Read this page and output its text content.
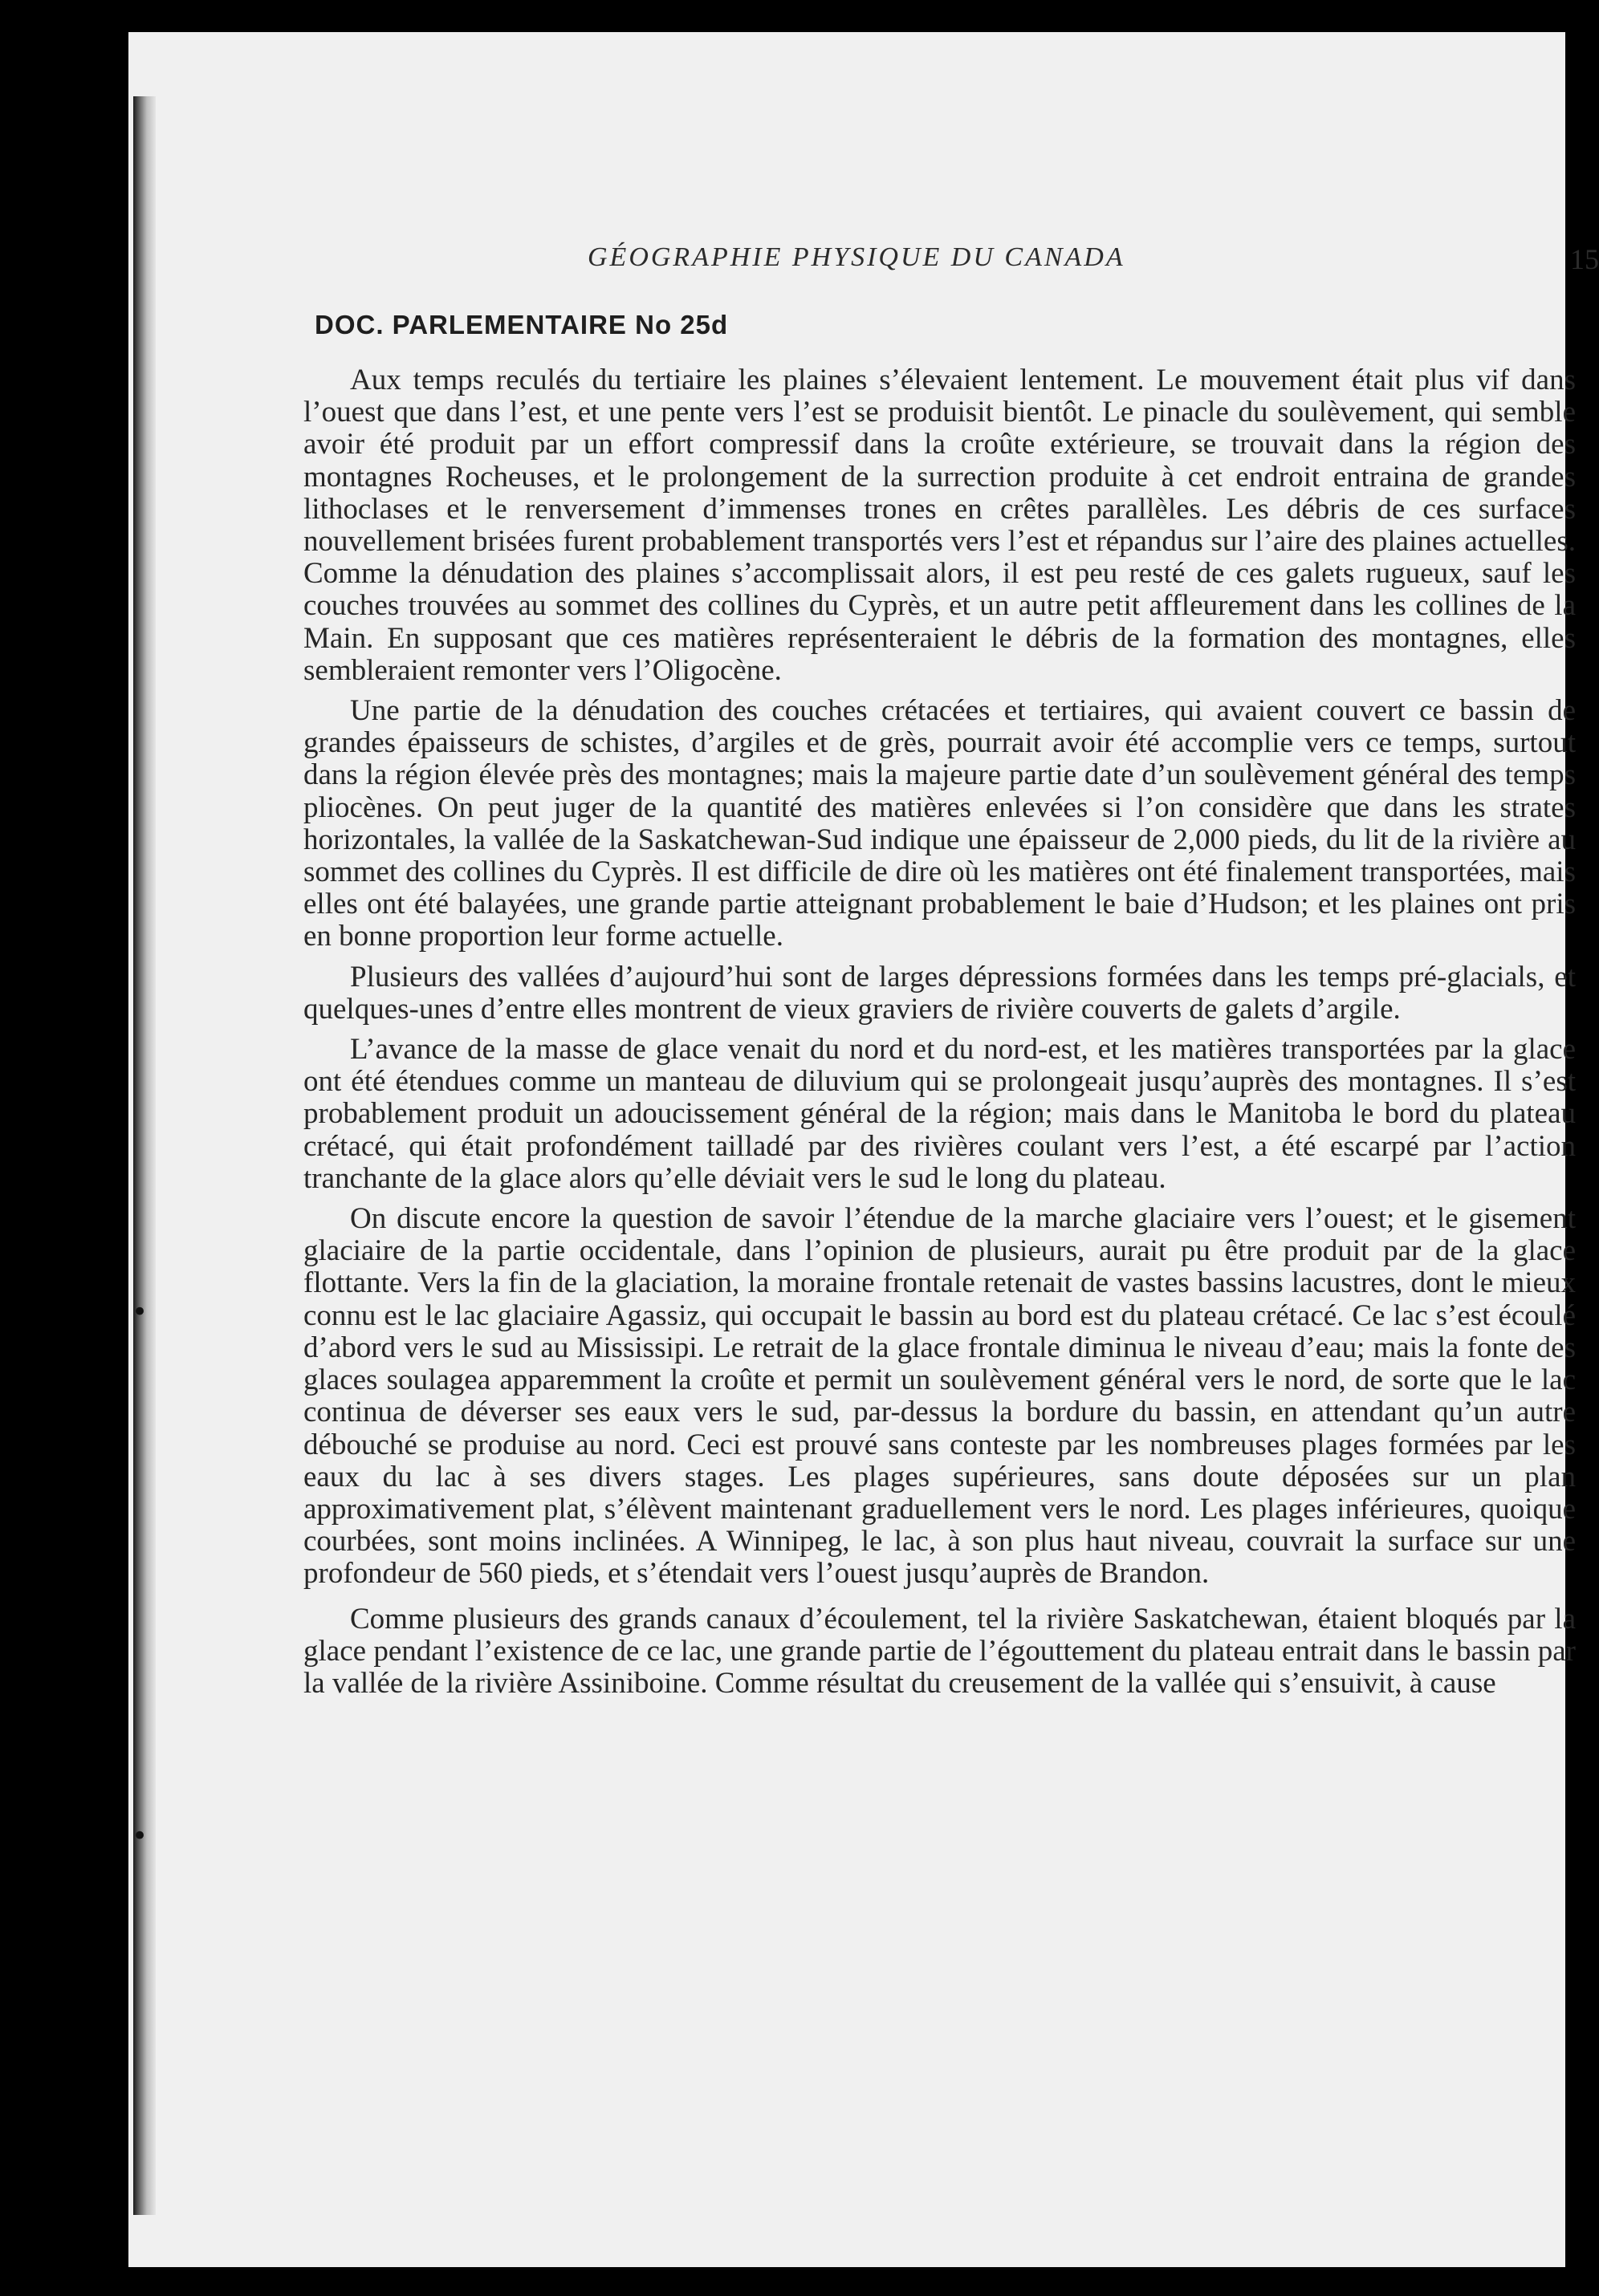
•
•
GÉOGRAPHIE PHYSIQUE DU CANADA	15
DOC. PARLEMENTAIRE No 25d

Aux temps reculés du tertiaire les plaines s’élevaient lentement. Le mouvement était plus vif dans l’ouest que dans l’est, et une pente vers l’est se produisit bientôt. Le pinacle du soulèvement, qui semble avoir été produit par un effort compressif dans la croûte extérieure, se trouvait dans la région des montagnes Rocheuses, et le prolongement de la surrection produite à cet endroit entraina de grandes lithoclases et le renversement d’immenses trones en crêtes parallèles. Les débris de ces surfaces nouvellement brisées furent probablement transportés vers l’est et répandus sur l’aire des plaines actuelles. Comme la dénudation des plaines s’accomplissait alors, il est peu resté de ces galets rugueux, sauf les couches trouvées au sommet des collines du Cyprès, et un autre petit affleurement dans les collines de la Main. En supposant que ces matières représenteraient le débris de la formation des montagnes, elles sembleraient remonter vers l’Oligocène.

Une partie de la dénudation des couches crétacées et tertiaires, qui avaient couvert ce bassin de grandes épaisseurs de schistes, d’argiles et de grès, pourrait avoir été accomplie vers ce temps, surtout dans la région élevée près des montagnes; mais la majeure partie date d’un soulèvement général des temps pliocènes. On peut juger de la quantité des matières enlevées si l’on considère que dans les strates horizontales, la vallée de la Saskatchewan-Sud indique une épaisseur de 2,000 pieds, du lit de la rivière au sommet des collines du Cyprès. Il est difficile de dire où les matières ont été finalement transportées, mais elles ont été balayées, une grande partie atteignant probablement le baie d’Hudson; et les plaines ont pris en bonne proportion leur forme actuelle.

Plusieurs des vallées d’aujourd’hui sont de larges dépressions formées dans les temps pré-glacials, et quelques-unes d’entre elles montrent de vieux graviers de rivière couverts de galets d’argile.

L’avance de la masse de glace venait du nord et du nord-est, et les matières transportées par la glace ont été étendues comme un manteau de diluvium qui se prolongeait jusqu’auprès des montagnes. Il s’est probablement produit un adoucissement général de la région; mais dans le Manitoba le bord du plateau crétacé, qui était profondément tailladé par des rivières coulant vers l’est, a été escarpé par l’action tranchante de la glace alors qu’elle déviait vers le sud le long du plateau.

On discute encore la question de savoir l’étendue de la marche glaciaire vers l’ouest; et le gisement glaciaire de la partie occidentale, dans l’opinion de plusieurs, aurait pu être produit par de la glace flottante. Vers la fin de la glaciation, la moraine frontale retenait de vastes bassins lacustres, dont le mieux connu est le lac glaciaire Agassiz, qui occupait le bassin au bord est du plateau crétacé. Ce lac s’est écoulé d’abord vers le sud au Mississipi. Le retrait de la glace frontale diminua le niveau d’eau; mais la fonte des glaces soulagea apparemment la croûte et permit un soulèvement général vers le nord, de sorte que le lac continua de déverser ses eaux vers le sud, par-dessus la bordure du bassin, en attendant qu’un autre débouché se produise au nord. Ceci est prouvé sans conteste par les nombreuses plages formées par les eaux du lac à ses divers stages. Les plages supérieures, sans doute déposées sur un plan approximativement plat, s’élèvent maintenant graduellement vers le nord. Les plages inférieures, quoique courbées, sont moins inclinées. A Winnipeg, le lac, à son plus haut niveau, couvrait la surface sur une profondeur de 560 pieds, et s’étendait vers l’ouest jusqu’auprès de Brandon.

Comme plusieurs des grands canaux d’écoulement, tel la rivière Saskatchewan, étaient bloqués par la glace pendant l’existence de ce lac, une grande partie de l’égouttement du plateau entrait dans le bassin par la vallée de la rivière Assiniboine. Comme résultat du creusement de la vallée qui s’ensuivit, à cause
